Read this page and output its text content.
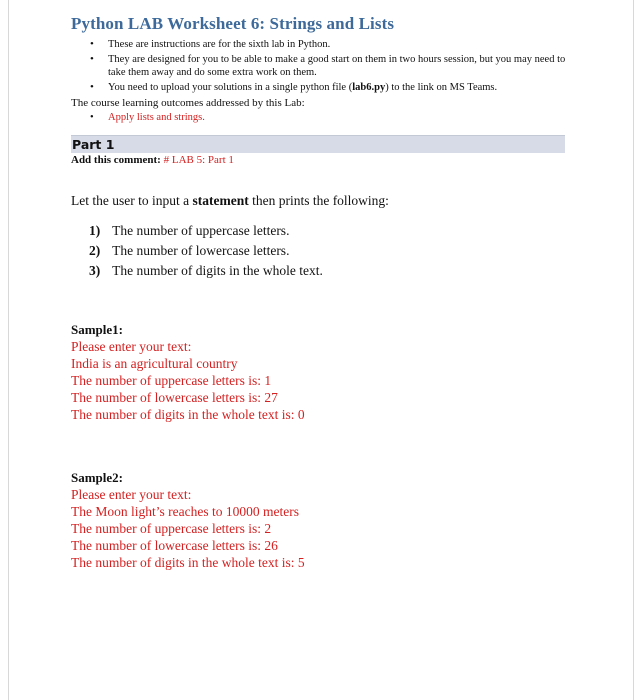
Python LAB Worksheet 6: Strings and Lists
• These are instructions are for the sixth lab in Python.
• They are designed for you to be able to make a good start on them in two hours session, but you may need to take them away and do some extra work on them.
• You need to upload your solutions in a single python file (lab6.py) to the link on MS Teams.
The course learning outcomes addressed by this Lab:
• Apply lists and strings.
Part 1
Add this comment: # LAB 5: Part 1
Let the user to input a statement then prints the following:
1) The number of uppercase letters.
2) The number of lowercase letters.
3) The number of digits in the whole text.
Sample1:
Please enter your text:
India is an agricultural country
The number of uppercase letters is: 1
The number of lowercase letters is: 27
The number of digits in the whole text is: 0
Sample2:
Please enter your text:
The Moon light’s reaches to 10000 meters
The number of uppercase letters is: 2
The number of lowercase letters is: 26
The number of digits in the whole text is: 5
